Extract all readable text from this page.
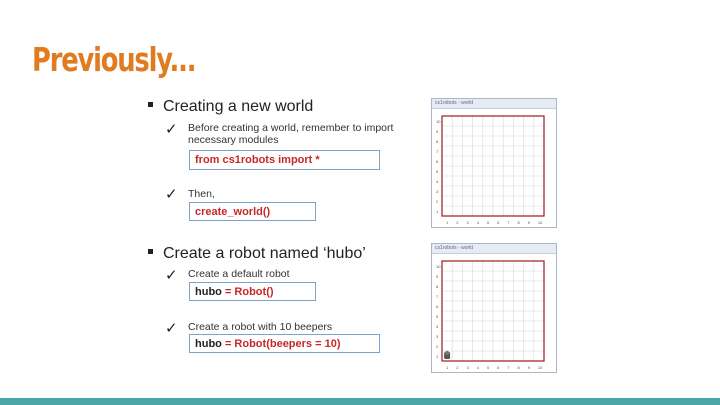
Previously...
Creating a new world
✓ Before creating a world, remember to import necessary modules
from cs1robots import *
✓ Then,
create_world()
cs1robots - world
10
9
8
7
6
5
4
3
2
1
1 2 3 4 5 6 7 8 9 10
Create a robot named ‘hubo’
✓ Create a default robot
hubo = Robot()
✓ Create a robot with 10 beepers
hubo = Robot(beepers = 10)
cs1robots - world
10
9
8
7
6
5
4
3
2
1
1 2 3 4 5 6 7 8 9 10
